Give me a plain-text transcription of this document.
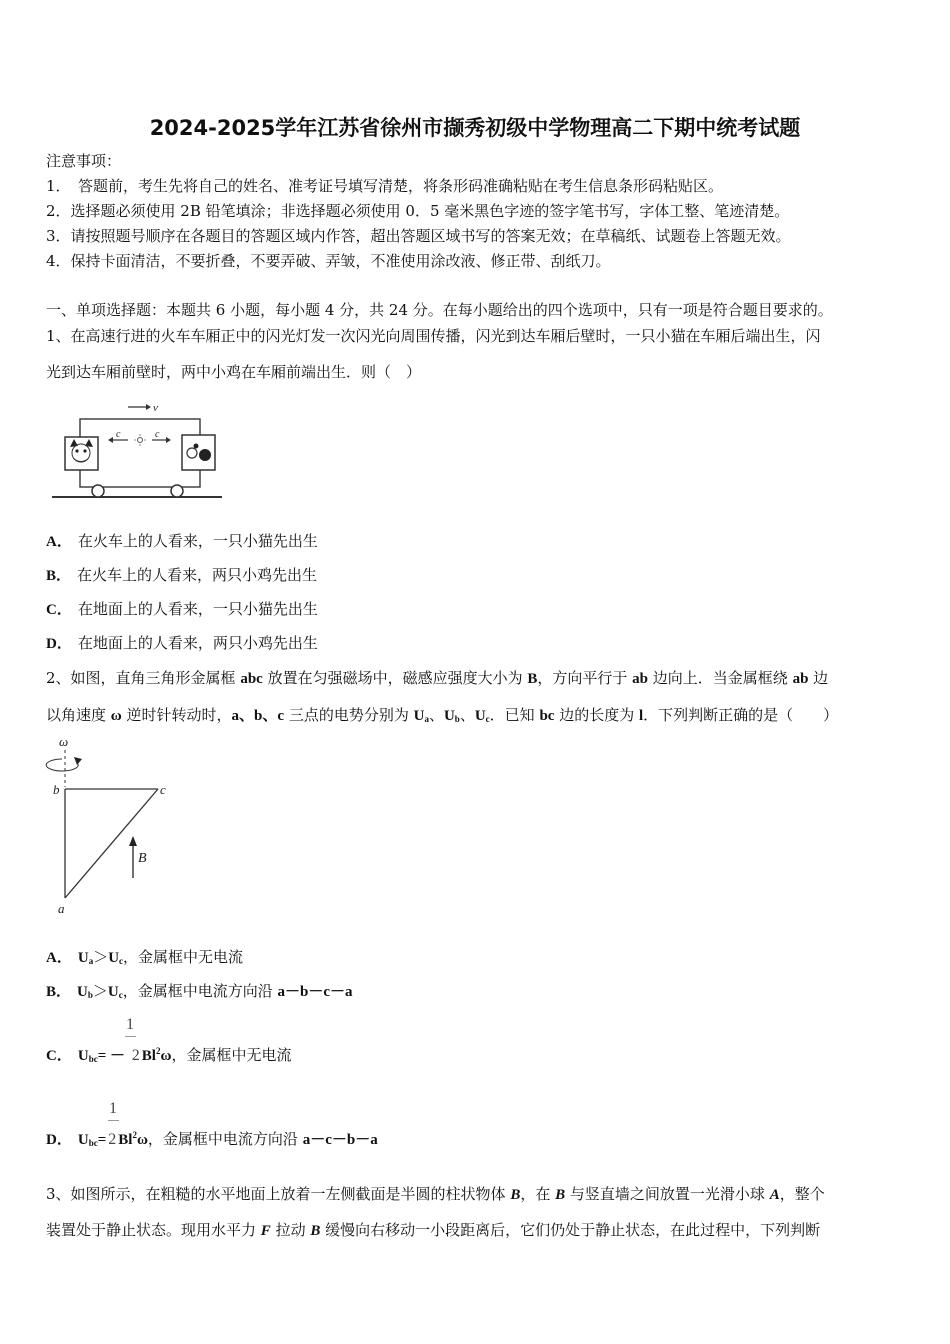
2024-2025学年江苏省徐州市撷秀初级中学物理高二下期中统考试题
注意事项：
1．　答题前，考生先将自己的姓名、准考证号填写清楚，将条形码准确粘贴在考生信息条形码粘贴区。
2．选择题必须使用 2B 铅笔填涂；非选择题必须使用 0．5 毫米黑色字迹的签字笔书写，字体工整、笔迹清楚。
3．请按照题号顺序在各题目的答题区域内作答，超出答题区域书写的答案无效；在草稿纸、试题卷上答题无效。
4．保持卡面清洁，不要折叠，不要弄破、弄皱，不准使用涂改液、修正带、刮纸刀。
一、单项选择题：本题共 6 小题，每小题 4 分，共 24 分。在每小题给出的四个选项中，只有一项是符合题目要求的。
1、在高速行进的火车车厢正中的闪光灯发一次闪光向周围传播，闪光到达车厢后壁时，一只小猫在车厢后端出生，闪
光到达车厢前壁时，两中小鸡在车厢前端出生．则（　）
v
c	c
A． 在火车上的人看来，一只小猫先出生
B． 在火车上的人看来，两只小鸡先出生
C． 在地面上的人看来，一只小猫先出生
D． 在地面上的人看来，两只小鸡先出生
2、如图，直角三角形金属框 abc 放置在匀强磁场中，磁感应强度大小为 B，方向平行于 ab 边向上．当金属框绕 ab 边
以角速度 ω 逆时针转动时，a、b、c 三点的电势分别为 $U_a$、$U_b$、$U_c$．已知 bc 边的长度为 l．下列判断正确的是（　　）
ω
b	c
a
B
A． $U_a>U_c$，金属框中无电流
B． $U_b>U_c$，金属框中电流方向沿 a－b－c－a
1
C． $U_{bc}= - 2$ Bl$^2$ω，金属框中无电流
1
D． $U_{bc}= 2$ Bl$^2$ω，金属框中电流方向沿 a－c－b－a
3、如图所示，在粗糙的水平地面上放着一左侧截面是半圆的柱状物体 B，在 B 与竖直墙之间放置一光滑小球 A，整个
装置处于静止状态。现用水平力 F 拉动 B 缓慢向右移动一小段距离后，它们仍处于静止状态，在此过程中，下列判断
